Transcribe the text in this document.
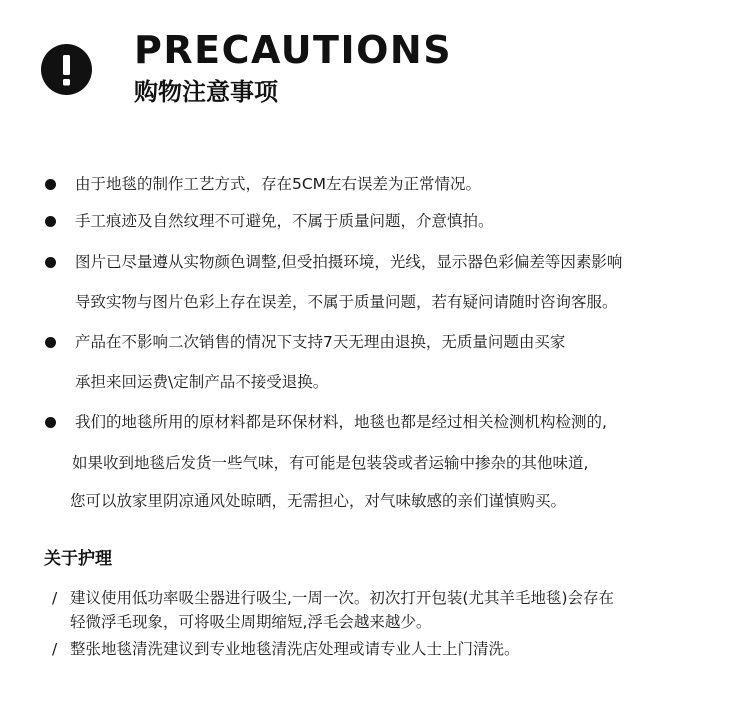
PRECAUTIONS
购物注意事项
由于地毯的制作工艺方式，存在5CM左右误差为正常情况。
手工痕迹及自然纹理不可避免，不属于质量问题，介意慎拍。
图片已尽量遵从实物颜色调整,但受拍摄环境，光线，显示器色彩偏差等因素影响
导致实物与图片色彩上存在误差，不属于质量问题，若有疑问请随时咨询客服。
产品在不影响二次销售的情况下支持7天无理由退换，无质量问题由买家
承担来回运费\定制产品不接受退换。
我们的地毯所用的原材料都是环保材料，地毯也都是经过相关检测机构检测的,
如果收到地毯后发货一些气味，有可能是包装袋或者运输中掺杂的其他味道,
您可以放家里阴凉通风处晾晒，无需担心，对气味敏感的亲们谨慎购买。
关于护理
/ 建议使用低功率吸尘器进行吸尘,一周一次。初次打开包装(尤其羊毛地毯)会存在
轻微浮毛现象，可将吸尘周期缩短,浮毛会越来越少。
/ 整张地毯清洗建议到专业地毯清洗店处理或请专业人士上门清洗。
